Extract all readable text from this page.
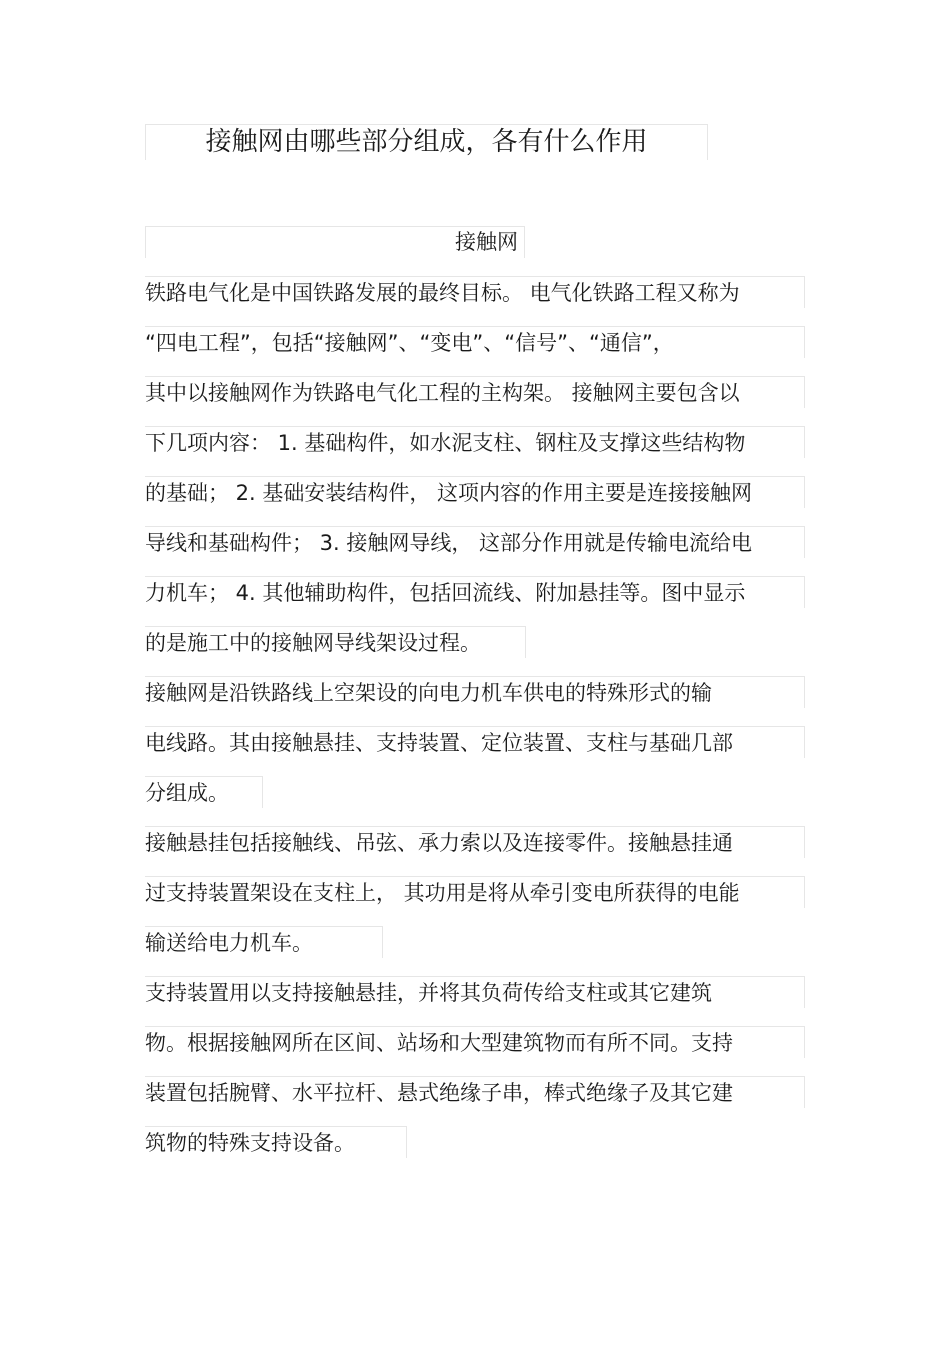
接触网由哪些部分组成，各有什么作用
接触网
铁路电气化是中国铁路发展的最终目标。 电气化铁路工程又称为
“四电工程”，包括“接触网”、“变电”、“信号”、“通信”，
其中以接触网作为铁路电气化工程的主构架。 接触网主要包含以
下几项内容： 1. 基础构件，如水泥支柱、钢柱及支撑这些结构物
的基础； 2. 基础安装结构件， 这项内容的作用主要是连接接触网
导线和基础构件； 3. 接触网导线， 这部分作用就是传输电流给电
力机车； 4. 其他辅助构件，包括回流线、附加悬挂等。图中显示
的是施工中的接触网导线架设过程。
接触网是沿铁路线上空架设的向电力机车供电的特殊形式的输
电线路。其由接触悬挂、支持装置、定位装置、支柱与基础几部
分组成。
接触悬挂包括接触线、吊弦、承力索以及连接零件。接触悬挂通
过支持装置架设在支柱上， 其功用是将从牵引变电所获得的电能
输送给电力机车。
支持装置用以支持接触悬挂，并将其负荷传给支柱或其它建筑
物。根据接触网所在区间、站场和大型建筑物而有所不同。支持
装置包括腕臂、水平拉杆、悬式绝缘子串，棒式绝缘子及其它建
筑物的特殊支持设备。
